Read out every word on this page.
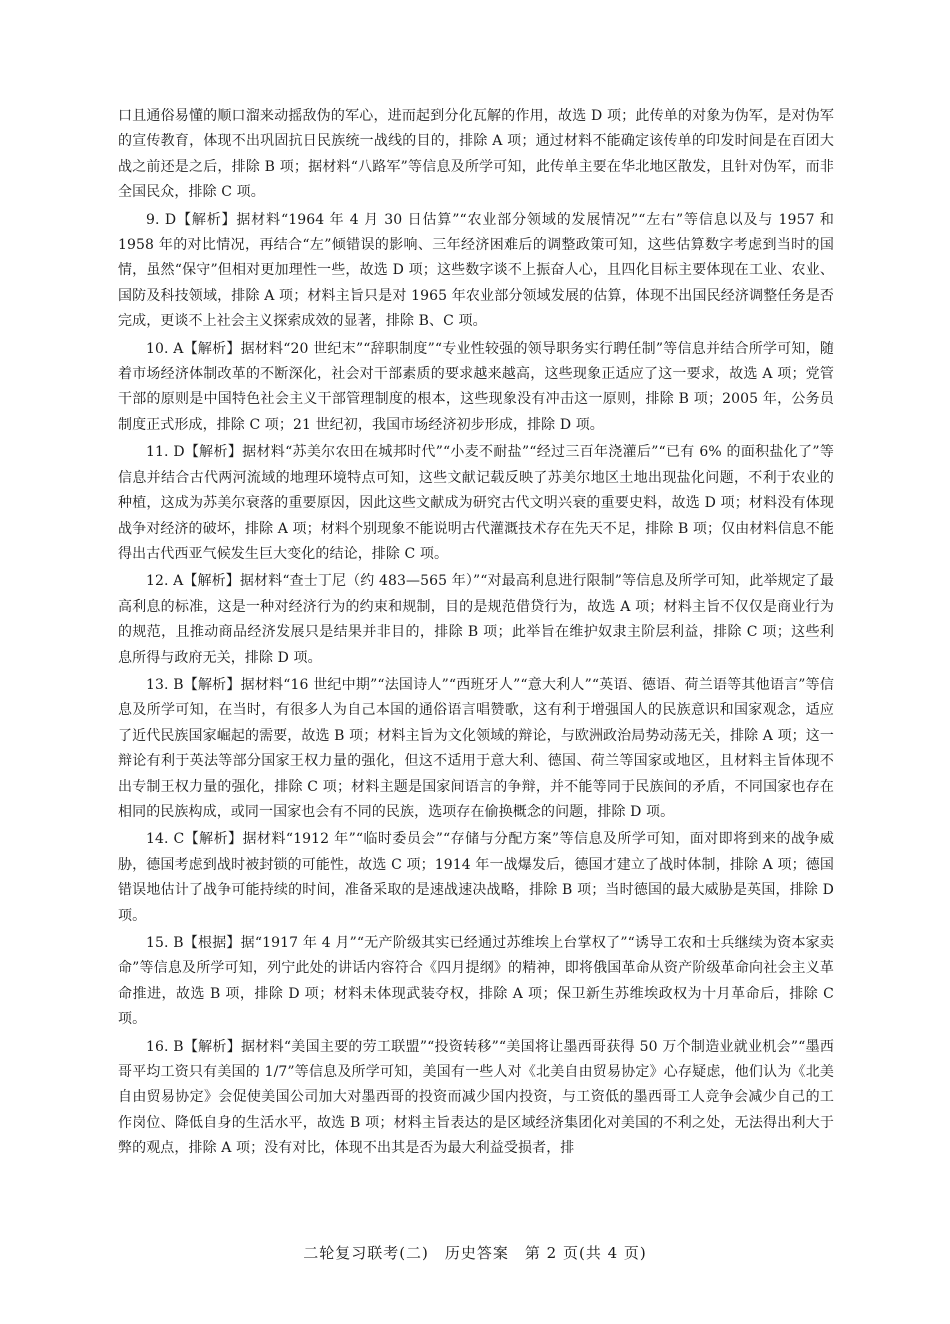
口且通俗易懂的顺口溜来动摇敌伪的军心，进而起到分化瓦解的作用，故选 D 项；此传单的对象为伪军，是对伪军的宣传教育，体现不出巩固抗日民族统一战线的目的，排除 A 项；通过材料不能确定该传单的印发时间是在百团大战之前还是之后，排除 B 项；据材料“八路军”等信息及所学可知，此传单主要在华北地区散发，且针对伪军，而非全国民众，排除 C 项。

9. D【解析】据材料“1964 年 4 月 30 日估算”“农业部分领域的发展情况”“左右”等信息以及与 1957 和 1958 年的对比情况，再结合“左”倾错误的影响、三年经济困难后的调整政策可知，这些估算数字考虑到当时的国情，虽然“保守”但相对更加理性一些，故选 D 项；这些数字谈不上振奋人心，且四化目标主要体现在工业、农业、国防及科技领域，排除 A 项；材料主旨只是对 1965 年农业部分领域发展的估算，体现不出国民经济调整任务是否完成，更谈不上社会主义探索成效的显著，排除 B、C 项。

10. A【解析】据材料“20 世纪末”“辞职制度”“专业性较强的领导职务实行聘任制”等信息并结合所学可知，随着市场经济体制改革的不断深化，社会对干部素质的要求越来越高，这些现象正适应了这一要求，故选 A 项；党管干部的原则是中国特色社会主义干部管理制度的根本，这些现象没有冲击这一原则，排除 B 项；2005 年，公务员制度正式形成，排除 C 项；21 世纪初，我国市场经济初步形成，排除 D 项。

11. D【解析】据材料“苏美尔农田在城邦时代”“小麦不耐盐”“经过三百年浇灌后”“已有 6% 的面积盐化了”等信息并结合古代两河流域的地理环境特点可知，这些文献记载反映了苏美尔地区土地出现盐化问题，不利于农业的种植，这成为苏美尔衰落的重要原因，因此这些文献成为研究古代文明兴衰的重要史料，故选 D 项；材料没有体现战争对经济的破坏，排除 A 项；材料个别现象不能说明古代灌溉技术存在先天不足，排除 B 项；仅由材料信息不能得出古代西亚气候发生巨大变化的结论，排除 C 项。

12. A【解析】据材料“查士丁尼（约 483—565 年）”“对最高利息进行限制”等信息及所学可知，此举规定了最高利息的标准，这是一种对经济行为的约束和规制，目的是规范借贷行为，故选 A 项；材料主旨不仅仅是商业行为的规范，且推动商品经济发展只是结果并非目的，排除 B 项；此举旨在维护奴隶主阶层利益，排除 C 项；这些利息所得与政府无关，排除 D 项。

13. B【解析】据材料“16 世纪中期”“法国诗人”“西班牙人”“意大利人”“英语、德语、荷兰语等其他语言”等信息及所学可知，在当时，有很多人为自己本国的通俗语言唱赞歌，这有利于增强国人的民族意识和国家观念，适应了近代民族国家崛起的需要，故选 B 项；材料主旨为文化领域的辩论，与欧洲政治局势动荡无关，排除 A 项；这一辩论有利于英法等部分国家王权力量的强化，但这不适用于意大利、德国、荷兰等国家或地区，且材料主旨体现不出专制王权力量的强化，排除 C 项；材料主题是国家间语言的争辩，并不能等同于民族间的矛盾，不同国家也存在相同的民族构成，或同一国家也会有不同的民族，选项存在偷换概念的问题，排除 D 项。

14. C【解析】据材料“1912 年”“临时委员会”“存储与分配方案”等信息及所学可知，面对即将到来的战争威胁，德国考虑到战时被封锁的可能性，故选 C 项；1914 年一战爆发后，德国才建立了战时体制，排除 A 项；德国错误地估计了战争可能持续的时间，准备采取的是速战速决战略，排除 B 项；当时德国的最大威胁是英国，排除 D 项。

15. B【根据】据“1917 年 4 月”“无产阶级其实已经通过苏维埃上台掌权了”“诱导工农和士兵继续为资本家卖命”等信息及所学可知，列宁此处的讲话内容符合《四月提纲》的精神，即将俄国革命从资产阶级革命向社会主义革命推进，故选 B 项，排除 D 项；材料未体现武装夺权，排除 A 项；保卫新生苏维埃政权为十月革命后，排除 C 项。

16. B【解析】据材料“美国主要的劳工联盟”“投资转移”“美国将让墨西哥获得 50 万个制造业就业机会”“墨西哥平均工资只有美国的 1/7”等信息及所学可知，美国有一些人对《北美自由贸易协定》心存疑虑，他们认为《北美自由贸易协定》会促使美国公司加大对墨西哥的投资而减少国内投资，与工资低的墨西哥工人竞争会减少自己的工作岗位、降低自身的生活水平，故选 B 项；材料主旨表达的是区域经济集团化对美国的不利之处，无法得出利大于弊的观点，排除 A 项；没有对比，体现不出其是否为最大利益受损者，排

二轮复习联考(二)　历史答案　第 2 页(共 4 页)
